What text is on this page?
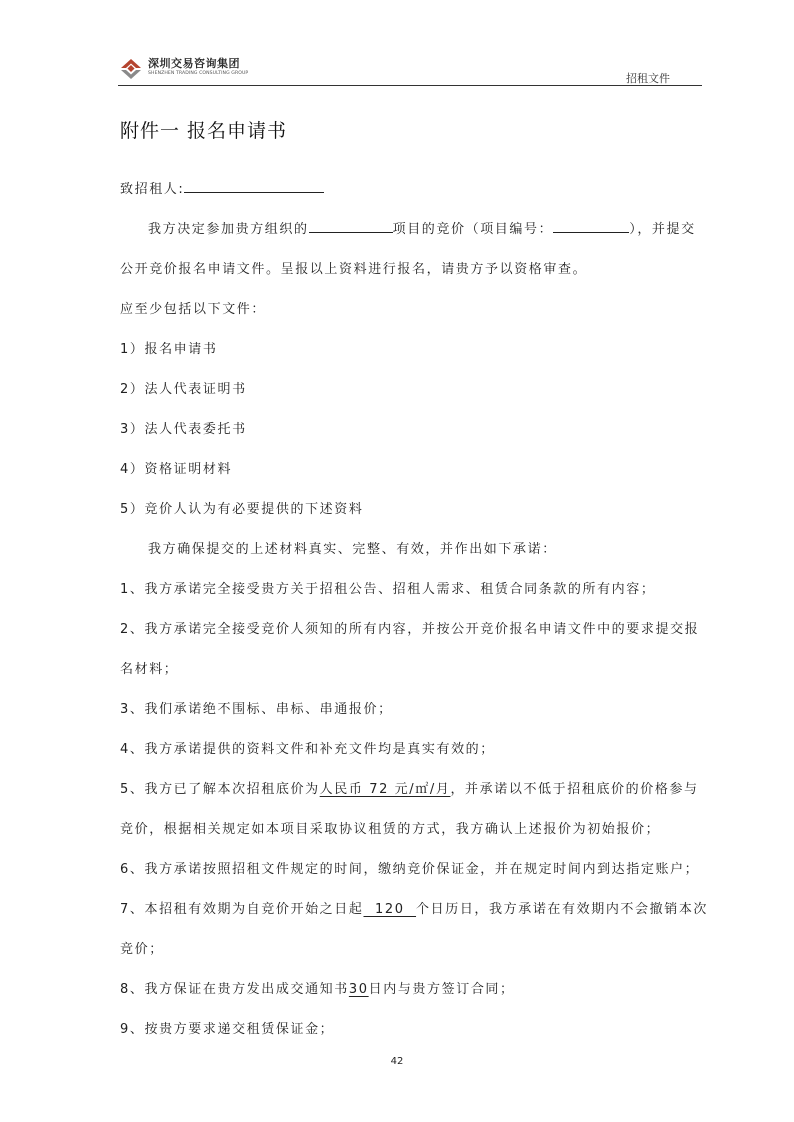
深圳交易咨询集团
SHENZHEN TRADING CONSULTING GROUP	招租文件
附件一 报名申请书
致招租人:
我方决定参加贵方组织的	项目的竞价（项目编号：	），并提交
公开竞价报名申请文件。呈报以上资料进行报名，请贵方予以资格审查。
应至少包括以下文件：
1）报名申请书
2）法人代表证明书
3）法人代表委托书
4）资格证明材料
5）竞价人认为有必要提供的下述资料
我方确保提交的上述材料真实、完整、有效，并作出如下承诺：
1、我方承诺完全接受贵方关于招租公告、招租人需求、租赁合同条款的所有内容；
2、我方承诺完全接受竞价人须知的所有内容，并按公开竞价报名申请文件中的要求提交报
名材料；
3、我们承诺绝不围标、串标、串通报价；
4、我方承诺提供的资料文件和补充文件均是真实有效的；
5、我方已了解本次招租底价为人民币 72 元/㎡/月，并承诺以不低于招租底价的价格参与
竞价，根据相关规定如本项目采取协议租赁的方式，我方确认上述报价为初始报价；
6、我方承诺按照招租文件规定的时间，缴纳竞价保证金，并在规定时间内到达指定账户；
7、本招租有效期为自竞价开始之日起  120  个日历日，我方承诺在有效期内不会撤销本次
竞价；
8、我方保证在贵方发出成交通知书30日内与贵方签订合同；
9、按贵方要求递交租赁保证金；
42
